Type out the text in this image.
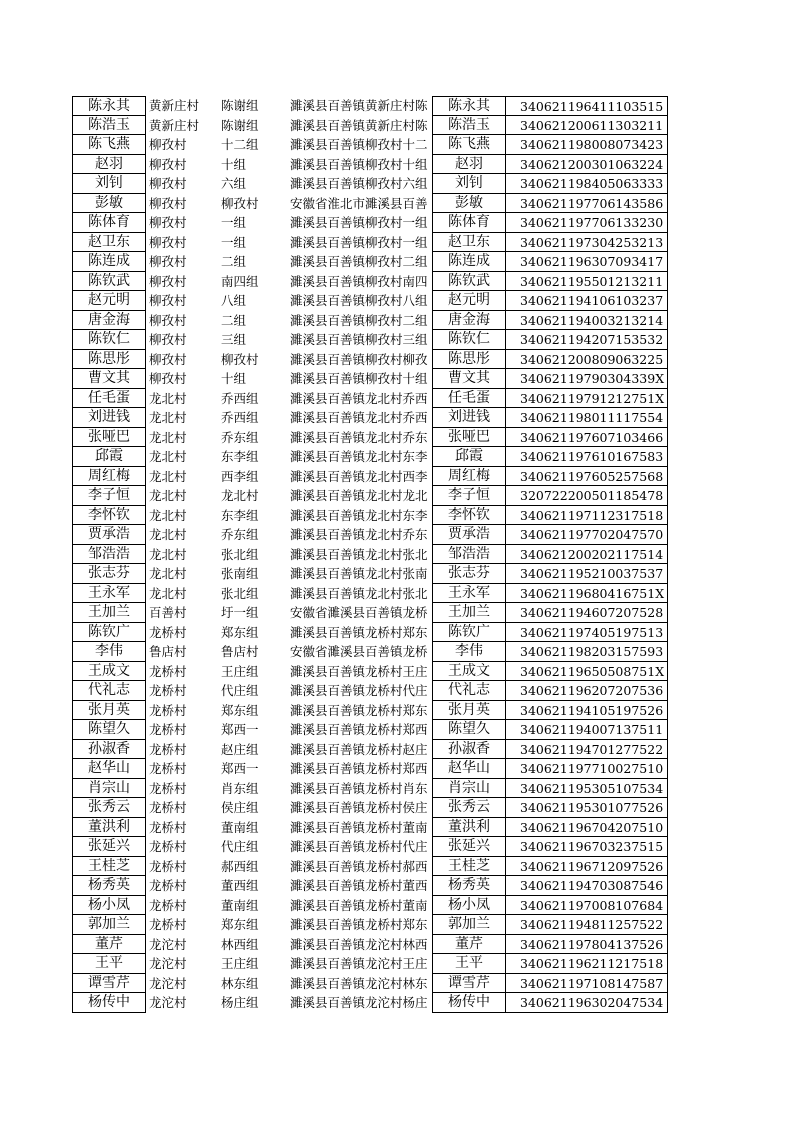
陈永其	黄新庄村	陈谢组	濉溪县百善镇黄新庄村陈	陈永其	340621196411103515
陈浩玉	黄新庄村	陈谢组	濉溪县百善镇黄新庄村陈	陈浩玉	340621200611303211
陈飞燕	柳孜村	十二组	濉溪县百善镇柳孜村十二	陈飞燕	340621198008073423
赵羽	柳孜村	十组	濉溪县百善镇柳孜村十组	赵羽	340621200301063224
刘钊	柳孜村	六组	濉溪县百善镇柳孜村六组	刘钊	340621198405063333
彭敏	柳孜村	柳孜村	安徽省淮北市濉溪县百善	彭敏	340621197706143586
陈体育	柳孜村	一组	濉溪县百善镇柳孜村一组	陈体育	340621197706133230
赵卫东	柳孜村	一组	濉溪县百善镇柳孜村一组	赵卫东	340621197304253213
陈连成	柳孜村	二组	濉溪县百善镇柳孜村二组	陈连成	340621196307093417
陈钦武	柳孜村	南四组	濉溪县百善镇柳孜村南四	陈钦武	340621195501213211
赵元明	柳孜村	八组	濉溪县百善镇柳孜村八组	赵元明	340621194106103237
唐金海	柳孜村	二组	濉溪县百善镇柳孜村二组	唐金海	340621194003213214
陈钦仁	柳孜村	三组	濉溪县百善镇柳孜村三组	陈钦仁	340621194207153532
陈思彤	柳孜村	柳孜村	濉溪县百善镇柳孜村柳孜	陈思彤	340621200809063225
曹文其	柳孜村	十组	濉溪县百善镇柳孜村十组	曹文其	34062119790304339X
任毛蛋	龙北村	乔西组	濉溪县百善镇龙北村乔西	任毛蛋	34062119791212751X
刘进钱	龙北村	乔西组	濉溪县百善镇龙北村乔西	刘进钱	340621198011117554
张哑巴	龙北村	乔东组	濉溪县百善镇龙北村乔东	张哑巴	340621197607103466
邱霞	龙北村	东李组	濉溪县百善镇龙北村东李	邱霞	340621197610167583
周红梅	龙北村	西李组	濉溪县百善镇龙北村西李	周红梅	340621197605257568
李子恒	龙北村	龙北村	濉溪县百善镇龙北村龙北	李子恒	320722200501185478
李怀钦	龙北村	东李组	濉溪县百善镇龙北村东李	李怀钦	340621197112317518
贾承浩	龙北村	乔东组	濉溪县百善镇龙北村乔东	贾承浩	340621197702047570
邹浩浩	龙北村	张北组	濉溪县百善镇龙北村张北	邹浩浩	340621200202117514
张志芬	龙北村	张南组	濉溪县百善镇龙北村张南	张志芬	340621195210037537
王永军	龙北村	张北组	濉溪县百善镇龙北村张北	王永军	34062119680416751X
王加兰	百善村	圩一组	安徽省濉溪县百善镇龙桥	王加兰	340621194607207528
陈钦广	龙桥村	郑东组	濉溪县百善镇龙桥村郑东	陈钦广	340621197405197513
李伟	鲁店村	鲁店村	安徽省濉溪县百善镇龙桥	李伟	340621198203157593
王成文	龙桥村	王庄组	濉溪县百善镇龙桥村王庄	王成文	34062119650508751X
代礼志	龙桥村	代庄组	濉溪县百善镇龙桥村代庄	代礼志	340621196207207536
张月英	龙桥村	郑东组	濉溪县百善镇龙桥村郑东	张月英	340621194105197526
陈望久	龙桥村	郑西一	濉溪县百善镇龙桥村郑西	陈望久	340621194007137511
孙淑香	龙桥村	赵庄组	濉溪县百善镇龙桥村赵庄	孙淑香	340621194701277522
赵华山	龙桥村	郑西一	濉溪县百善镇龙桥村郑西	赵华山	340621197710027510
肖宗山	龙桥村	肖东组	濉溪县百善镇龙桥村肖东	肖宗山	340621195305107534
张秀云	龙桥村	侯庄组	濉溪县百善镇龙桥村侯庄	张秀云	340621195301077526
董洪利	龙桥村	董南组	濉溪县百善镇龙桥村董南	董洪利	340621196704207510
张延兴	龙桥村	代庄组	濉溪县百善镇龙桥村代庄	张延兴	340621196703237515
王桂芝	龙桥村	郝西组	濉溪县百善镇龙桥村郝西	王桂芝	340621196712097526
杨秀英	龙桥村	董西组	濉溪县百善镇龙桥村董西	杨秀英	340621194703087546
杨小凤	龙桥村	董南组	濉溪县百善镇龙桥村董南	杨小凤	340621197008107684
郭加兰	龙桥村	郑东组	濉溪县百善镇龙桥村郑东	郭加兰	340621194811257522
董芹	龙沱村	林西组	濉溪县百善镇龙沱村林西	董芹	340621197804137526
王平	龙沱村	王庄组	濉溪县百善镇龙沱村王庄	王平	340621196211217518
谭雪芹	龙沱村	林东组	濉溪县百善镇龙沱村林东	谭雪芹	340621197108147587
杨传中	龙沱村	杨庄组	濉溪县百善镇龙沱村杨庄	杨传中	340621196302047534
